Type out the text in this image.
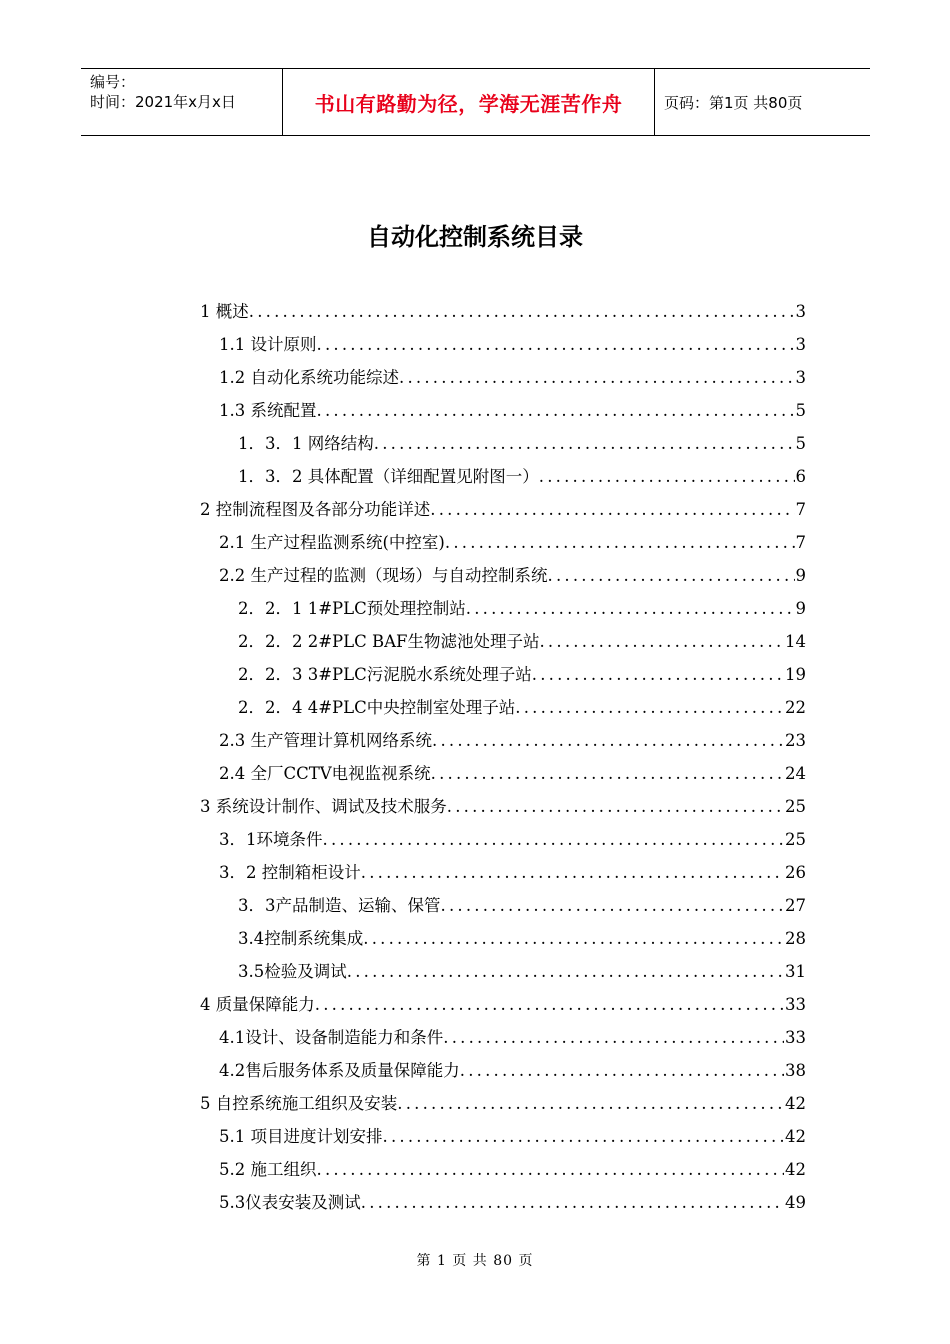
编号：
时间：2021年x月x日	书山有路勤为径，学海无涯苦作舟	页码：第1页 共80页
自动化控制系统目录
1 概述 .....	3
1.1 设计原则 .....	3
1.2 自动化系统功能综述 .....	3
1.3 系统配置 .....	5
1．3．1 网络结构 .....	5
1．3．2 具体配置（详细配置见附图一） .....	6
2 控制流程图及各部分功能详述 .....	7
2.1 生产过程监测系统(中控室) .....	7
2.2 生产过程的监测（现场）与自动控制系统 .....	9
2．2．1 1#PLC预处理控制站 .....	9
2．2．2 2#PLC BAF生物滤池处理子站 .....	14
2．2．3 3#PLC污泥脱水系统处理子站 .....	19
2．2．4 4#PLC中央控制室处理子站 .....	22
2.3 生产管理计算机网络系统 .....	23
2.4 全厂CCTV电视监视系统 .....	24
3 系统设计制作、调试及技术服务 .....	25
3．1环境条件 .....	25
3．2 控制箱柜设计 .....	26
3．3产品制造、运输、保管 .....	27
3.4控制系统集成 .....	28
3.5检验及调试 .....	31
4 质量保障能力 .....	33
4.1设计、设备制造能力和条件 .....	33
4.2售后服务体系及质量保障能力 .....	38
5 自控系统施工组织及安装 .....	42
5.1 项目进度计划安排 .....	42
5.2 施工组织 .....	42
5.3仪表安装及测试 .....	49
第 1 页 共 80 页
